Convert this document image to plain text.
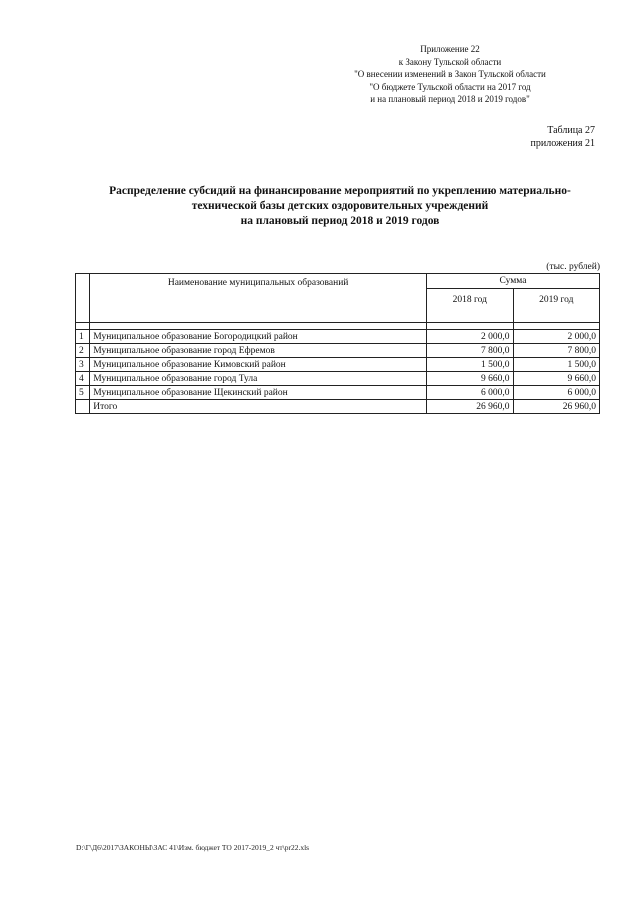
Приложение 22
к Закону Тульской области
"О внесении изменений в Закон Тульской области
"О бюджете Тульской области на 2017 год
и на плановый период 2018 и 2019 годов"
Таблица 27
приложения 21
Распределение субсидий на финансирование мероприятий по укреплению материально-
технической базы детских оздоровительных учреждений
на плановый период 2018 и 2019 годов
(тыс. рублей)
	Наименование муниципальных образований	Сумма	
		2018 год	2019 год

1	Муниципальное образование Богородицкий район	2 000,0	2 000,0
2	Муниципальное образование город Ефремов	7 800,0	7 800,0
3	Муниципальное образование Кимовский район	1 500,0	1 500,0
4	Муниципальное образование город Тула	9 660,0	9 660,0
5	Муниципальное образование Щекинский район	6 000,0	6 000,0
	Итого	26 960,0	26 960,0
D:\Г\Д6\2017\ЗАКОНЫ\ЗАС 41\Изм. бюджет ТО 2017-2019_2 чт\pr22.xls
